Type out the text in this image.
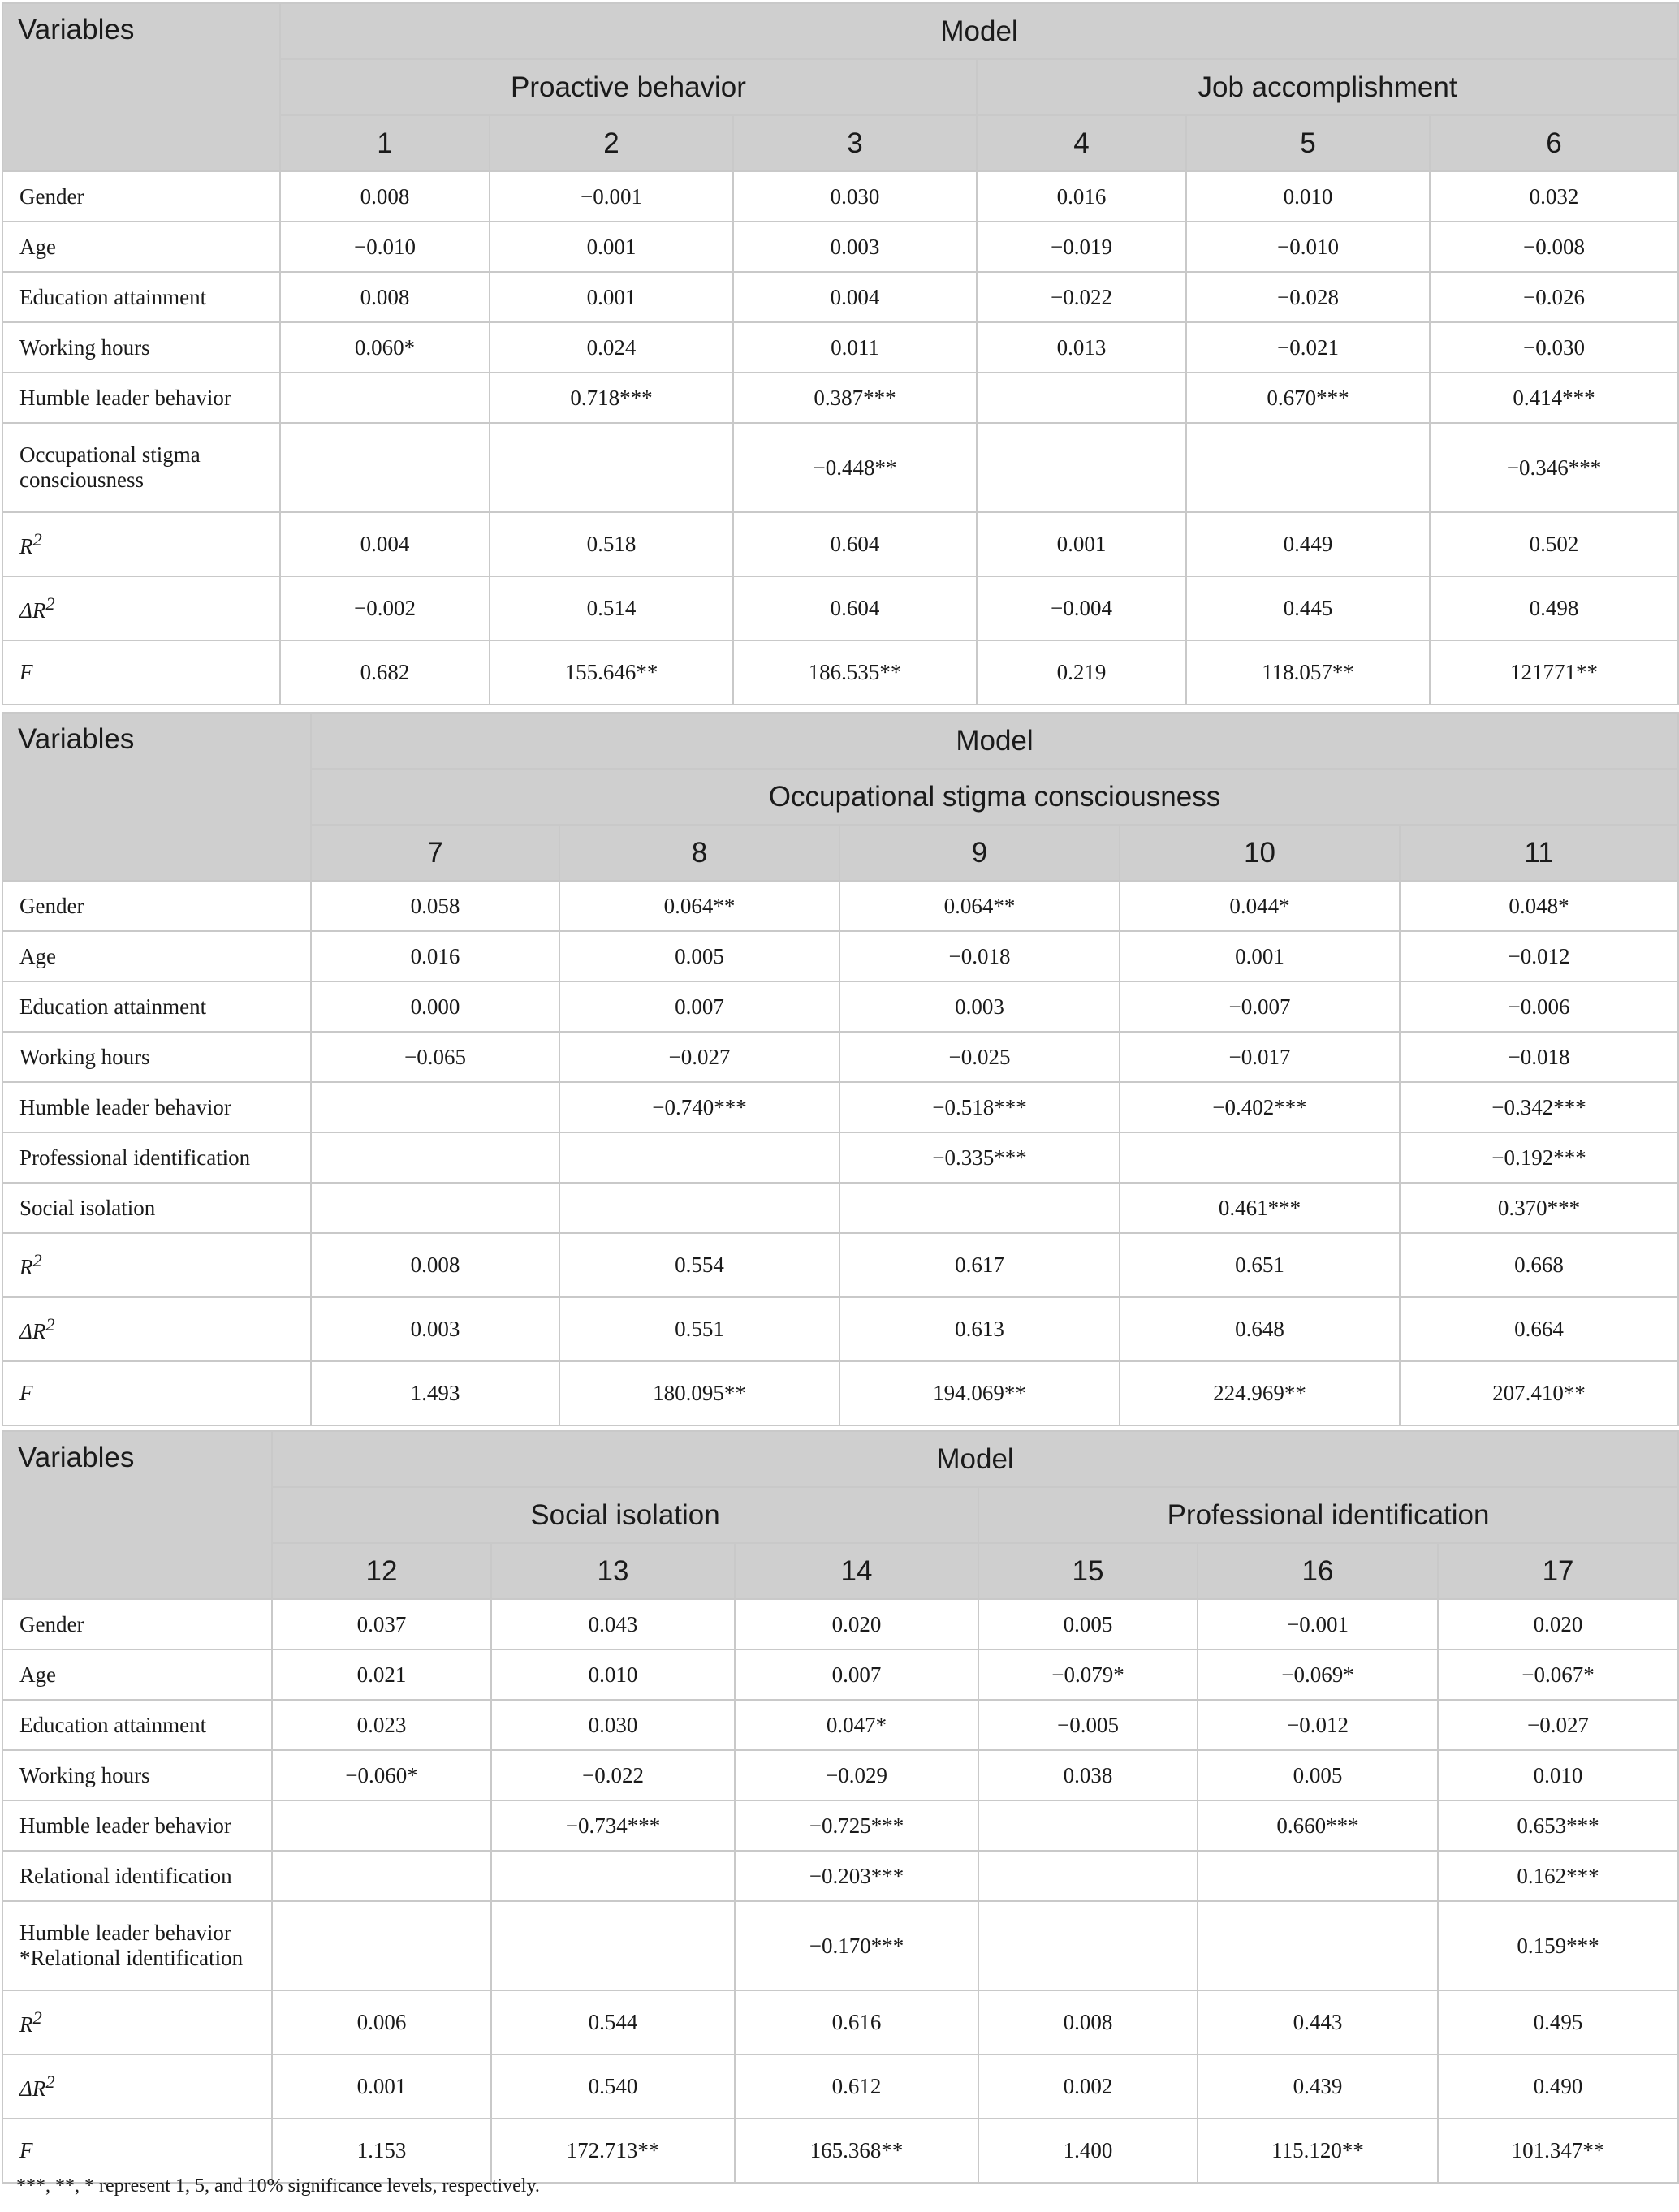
Variables	Model					
	Proactive behavior			Job accomplishment		
	1	2	3	4	5	6
Gender	0.008	−0.001	0.030	0.016	0.010	0.032
Age	−0.010	0.001	0.003	−0.019	−0.010	−0.008
Education attainment	0.008	0.001	0.004	−0.022	−0.028	−0.026
Working hours	0.060*	0.024	0.011	0.013	−0.021	−0.030
Humble leader behavior		0.718***	0.387***		0.670***	0.414***
Occupational stigma consciousness			−0.448**			−0.346***
$R^2$	0.004	0.518	0.604	0.001	0.449	0.502
$\Delta R^2$	−0.002	0.514	0.604	−0.004	0.445	0.498
F	0.682	155.646**	186.535**	0.219	118.057**	121771**
Variables	Model				
	Occupational stigma consciousness				
	7	8	9	10	11
Gender	0.058	0.064**	0.064**	0.044*	0.048*
Age	0.016	0.005	−0.018	0.001	−0.012
Education attainment	0.000	0.007	0.003	−0.007	−0.006
Working hours	−0.065	−0.027	−0.025	−0.017	−0.018
Humble leader behavior		−0.740***	−0.518***	−0.402***	−0.342***
Professional identification			−0.335***		−0.192***
Social isolation				0.461***	0.370***
$R^2$	0.008	0.554	0.617	0.651	0.668
$\Delta R^2$	0.003	0.551	0.613	0.648	0.664
F	1.493	180.095**	194.069**	224.969**	207.410**
Variables	Model					
	Social isolation			Professional identification		
	12	13	14	15	16	17
Gender	0.037	0.043	0.020	0.005	−0.001	0.020
Age	0.021	0.010	0.007	−0.079*	−0.069*	−0.067*
Education attainment	0.023	0.030	0.047*	−0.005	−0.012	−0.027
Working hours	−0.060*	−0.022	−0.029	0.038	0.005	0.010
Humble leader behavior		−0.734***	−0.725***		0.660***	0.653***
Relational identification			−0.203***			0.162***
Humble leader behavior *Relational identification			−0.170***			0.159***
$R^2$	0.006	0.544	0.616	0.008	0.443	0.495
$\Delta R^2$	0.001	0.540	0.612	0.002	0.439	0.490
F	1.153	172.713**	165.368**	1.400	115.120**	101.347**
***, **, * represent 1, 5, and 10% significance levels, respectively.
